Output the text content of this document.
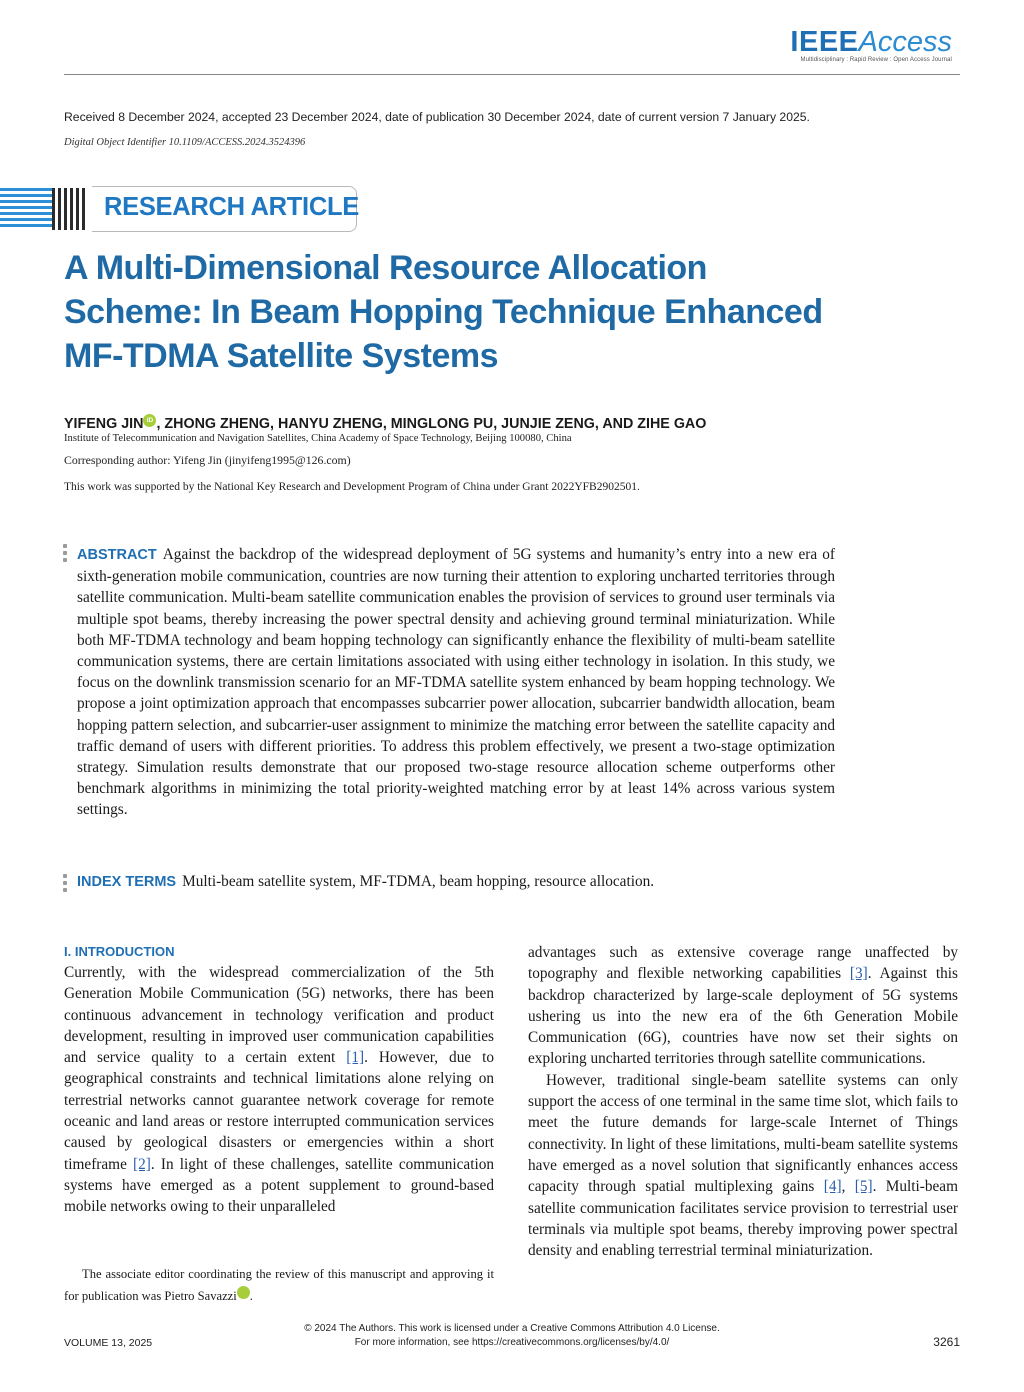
IEEEAccess
Multidisciplinary : Rapid Review : Open Access Journal
Received 8 December 2024, accepted 23 December 2024, date of publication 30 December 2024, date of current version 7 January 2025.
Digital Object Identifier 10.1109/ACCESS.2024.3524396
RESEARCH ARTICLE
A Multi-Dimensional Resource Allocation
Scheme: In Beam Hopping Technique Enhanced
MF-TDMA Satellite Systems
YIFENG JIN iD , ZHONG ZHENG, HANYU ZHENG, MINGLONG PU, JUNJIE ZENG, AND ZIHE GAO
Institute of Telecommunication and Navigation Satellites, China Academy of Space Technology, Beijing 100080, China
Corresponding author: Yifeng Jin (jinyifeng1995@126.com)
This work was supported by the National Key Research and Development Program of China under Grant 2022YFB2902501.
ABSTRACT Against the backdrop of the widespread deployment of 5G systems and humanity’s entry into a new era of sixth-generation mobile communication, countries are now turning their attention to exploring uncharted territories through satellite communication. Multi-beam satellite communication enables the provision of services to ground user terminals via multiple spot beams, thereby increasing the power spectral density and achieving ground terminal miniaturization. While both MF-TDMA technology and beam hopping technology can significantly enhance the flexibility of multi-beam satellite communication systems, there are certain limitations associated with using either technology in isolation. In this study, we focus on the downlink transmission scenario for an MF-TDMA satellite system enhanced by beam hopping technology. We propose a joint optimization approach that encompasses subcarrier power allocation, subcarrier bandwidth allocation, beam hopping pattern selection, and subcarrier-user assignment to minimize the matching error between the satellite capacity and traffic demand of users with different priorities. To address this problem effectively, we present a two-stage optimization strategy. Simulation results demonstrate that our proposed two-stage resource allocation scheme outperforms other benchmark algorithms in minimizing the total priority-weighted matching error by at least 14% across various system settings.
INDEX TERMS Multi-beam satellite system, MF-TDMA, beam hopping, resource allocation.
I. INTRODUCTION
Currently, with the widespread commercialization of the 5th Generation Mobile Communication (5G) networks, there has been continuous advancement in technology verification and product development, resulting in improved user communication capabilities and service quality to a certain extent [1]. However, due to geographical constraints and technical limitations alone relying on terrestrial networks cannot guarantee network coverage for remote oceanic and land areas or restore interrupted communication services caused by geological disasters or emergencies within a short timeframe [2]. In light of these challenges, satellite communication systems have emerged as a potent supplement to ground-based mobile networks owing to their unparalleled
advantages such as extensive coverage range unaffected by topography and flexible networking capabilities [3]. Against this backdrop characterized by large-scale deployment of 5G systems ushering us into the new era of the 6th Generation Mobile Communication (6G), countries have now set their sights on exploring uncharted territories through satellite communications.
However, traditional single-beam satellite systems can only support the access of one terminal in the same time slot, which fails to meet the future demands for large-scale Internet of Things connectivity. In light of these limitations, multi-beam satellite systems have emerged as a novel solution that significantly enhances access capacity through spatial multiplexing gains [4], [5]. Multi-beam satellite communication facilitates service provision to terrestrial user terminals via multiple spot beams, thereby improving power spectral density and enabling terrestrial terminal miniaturization.
The associate editor coordinating the review of this manuscript and approving it for publication was Pietro Savazzi	iD.
© 2024 The Authors. This work is licensed under a Creative Commons Attribution 4.0 License.
For more information, see https://creativecommons.org/licenses/by/4.0/
VOLUME 13, 2025	3261
